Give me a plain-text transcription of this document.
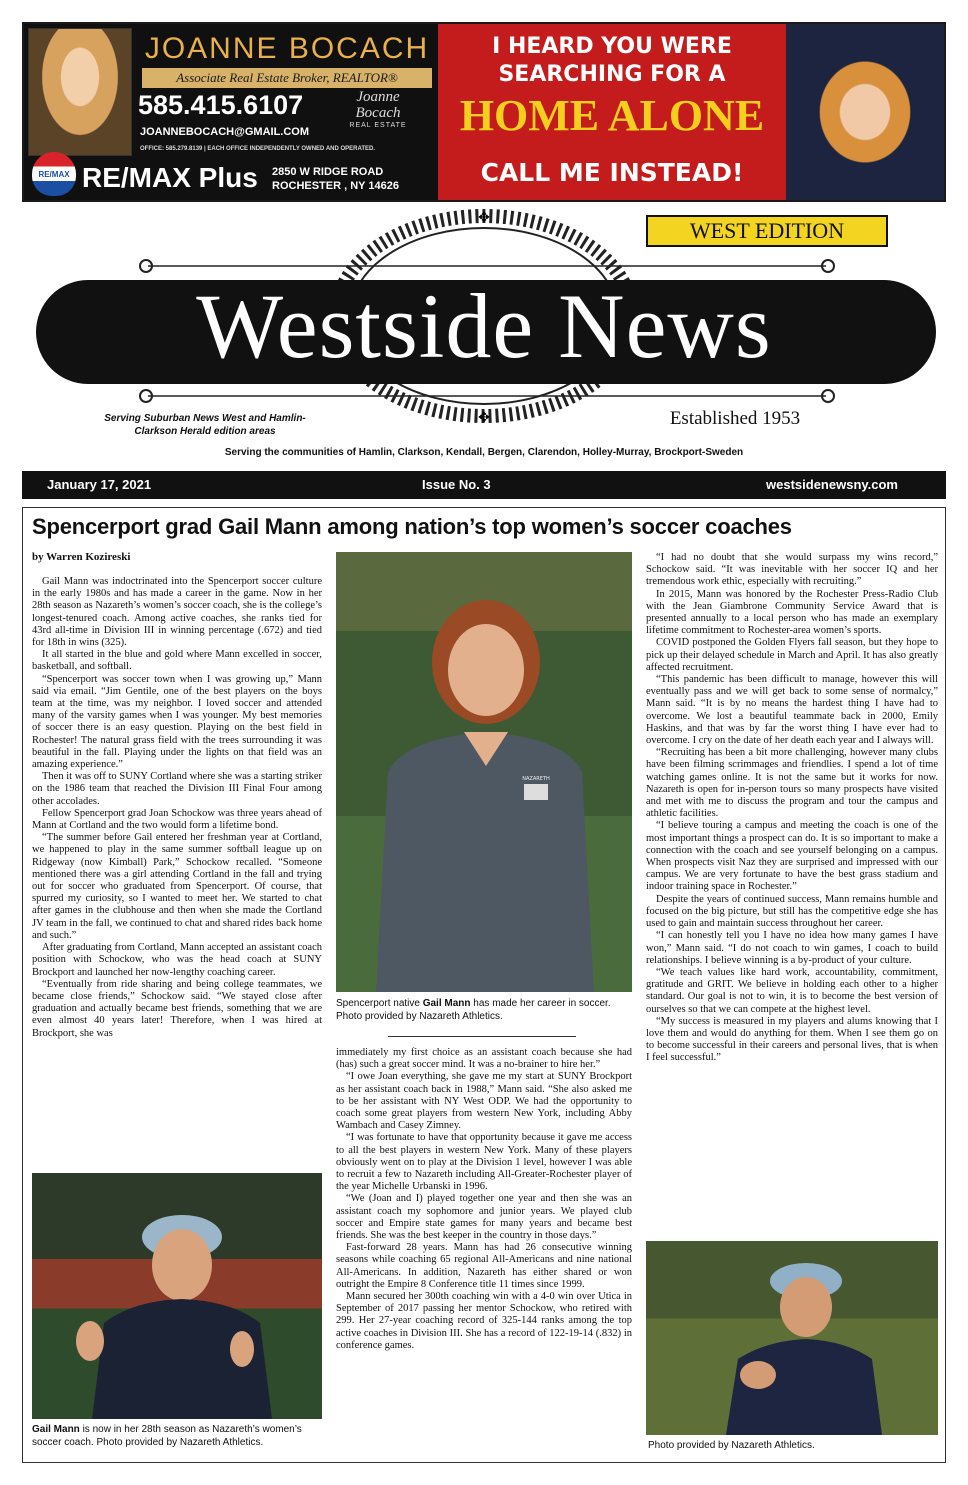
RE/MAX
JOANNE BOCACH
Associate Real Estate Broker, REALTOR®
585.415.6107	Joanne
Bocach
REAL ESTATE
JOANNEBOCACH@GMAIL.COM
OFFICE: 585.279.8139 | EACH OFFICE INDEPENDENTLY OWNED AND OPERATED.
RE/MAX Plus 2850 W RIDGE ROAD
ROCHESTER , NY 14626
I HEARD YOU WERE
SEARCHING FOR A
HOME ALONE
CALL ME INSTEAD!
WEST EDITION
✥
✥
Westside News
Serving Suburban News West and Hamlin-Clarkson Herald edition areas
Established 1953
Serving the communities of Hamlin, Clarkson, Kendall, Bergen, Clarendon, Holley-Murray, Brockport-Sweden
January 17, 2021	Issue No. 3	westsidenewsny.com
Spencerport grad Gail Mann among nation’s top women’s soccer coaches
by Warren Kozireski

Gail Mann was indoctrinated into the Spencerport soccer culture in the early 1980s and has made a career in the game. Now in her 28th season as Nazareth’s women’s soccer coach, she is the college’s longest-tenured coach. Among active coaches, she ranks tied for 43rd all-time in Division III in winning percentage (.672) and tied for 18th in wins (325).

It all started in the blue and gold where Mann excelled in soccer, basketball, and softball.

“Spencerport was soccer town when I was growing up,” Mann said via email. “Jim Gentile, one of the best players on the boys team at the time, was my neighbor. I loved soccer and attended many of the varsity games when I was younger. My best memories of soccer there is an easy question. Playing on the best field in Rochester! The natural grass field with the trees surrounding it was beautiful in the fall. Playing under the lights on that field was an amazing experience.”

Then it was off to SUNY Cortland where she was a starting striker on the 1986 team that reached the Division III Final Four among other accolades.

Fellow Spencerport grad Joan Schockow was three years ahead of Mann at Cortland and the two would form a lifetime bond.

“The summer before Gail entered her freshman year at Cortland, we happened to play in the same summer softball league up on Ridgeway (now Kimball) Park,” Schockow recalled. “Someone mentioned there was a girl attending Cortland in the fall and trying out for soccer who graduated from Spencerport. Of course, that spurred my curiosity, so I wanted to meet her. We started to chat after games in the clubhouse and then when she made the Cortland JV team in the fall, we continued to chat and shared rides back home and such.”

After graduating from Cortland, Mann accepted an assistant coach position with Schockow, who was the head coach at SUNY Brockport and launched her now-lengthy coaching career.

“Eventually from ride sharing and being college teammates, we became close friends,” Schockow said. “We stayed close after graduation and actually became best friends, something that we are even almost 40 years later! Therefore, when I was hired at Brockport, she was

NAZARETH
Spencerport native Gail Mann has made her career in soccer. Photo provided by Nazareth Athletics.

immediately my first choice as an assistant coach because she had (has) such a great soccer mind. It was a no-brainer to hire her.”

“I owe Joan everything, she gave me my start at SUNY Brockport as her assistant coach back in 1988,” Mann said. “She also asked me to be her assistant with NY West ODP. We had the opportunity to coach some great players from western New York, including Abby Wambach and Casey Zimney.

“I was fortunate to have that opportunity because it gave me access to all the best players in western New York. Many of these players obviously went on to play at the Division 1 level, however I was able to recruit a few to Nazareth including All-Greater-Rochester player of the year Michelle Urbanski in 1996.

“We (Joan and I) played together one year and then she was an assistant coach my sophomore and junior years. We played club soccer and Empire state games for many years and became best friends. She was the best keeper in the country in those days.”

Fast-forward 28 years. Mann has had 26 consecutive winning seasons while coaching 65 regional All-Americans and nine national All-Americans. In addition, Nazareth has either shared or won outright the Empire 8 Conference title 11 times since 1999.

Mann secured her 300th coaching win with a 4-0 win over Utica in September of 2017 passing her mentor Schockow, who retired with 299. Her 27-year coaching record of 325-144 ranks among the top active coaches in Division III. She has a record of 122-19-14 (.832) in conference games.

Gail Mann is now in her 28th season as Nazareth’s women’s soccer coach. Photo provided by Nazareth Athletics.

“I had no doubt that she would surpass my wins record,” Schockow said. “It was inevitable with her soccer IQ and her tremendous work ethic, especially with recruiting.”

In 2015, Mann was honored by the Rochester Press-Radio Club with the Jean Giambrone Community Service Award that is presented annually to a local person who has made an exemplary lifetime commitment to Rochester-area women’s sports.

COVID postponed the Golden Flyers fall season, but they hope to pick up their delayed schedule in March and April. It has also greatly affected recruitment.

“This pandemic has been difficult to manage, however this will eventually pass and we will get back to some sense of normalcy,” Mann said. “It is by no means the hardest thing I have had to overcome. We lost a beautiful teammate back in 2000, Emily Haskins, and that was by far the worst thing I have ever had to overcome. I cry on the date of her death each year and I always will.

“Recruiting has been a bit more challenging, however many clubs have been filming scrimmages and friendlies. I spend a lot of time watching games online. It is not the same but it works for now. Nazareth is open for in-person tours so many prospects have visited and met with me to discuss the program and tour the campus and athletic facilities.

“I believe touring a campus and meeting the coach is one of the most important things a prospect can do. It is so important to make a connection with the coach and see yourself belonging on a campus. When prospects visit Naz they are surprised and impressed with our campus. We are very fortunate to have the best grass stadium and indoor training space in Rochester.”

Despite the years of continued success, Mann remains humble and focused on the big picture, but still has the competitive edge she has used to gain and maintain success throughout her career.

“I can honestly tell you I have no idea how many games I have won,” Mann said. “I do not coach to win games, I coach to build relationships. I believe winning is a by-product of your culture.

“We teach values like hard work, accountability, commitment, gratitude and GRIT. We believe in holding each other to a higher standard. Our goal is not to win, it is to become the best version of ourselves so that we can compete at the highest level.

“My success is measured in my players and alums knowing that I love them and would do anything for them. When I see them go on to become successful in their careers and personal lives, that is when I feel successful.”

Photo provided by Nazareth Athletics.
